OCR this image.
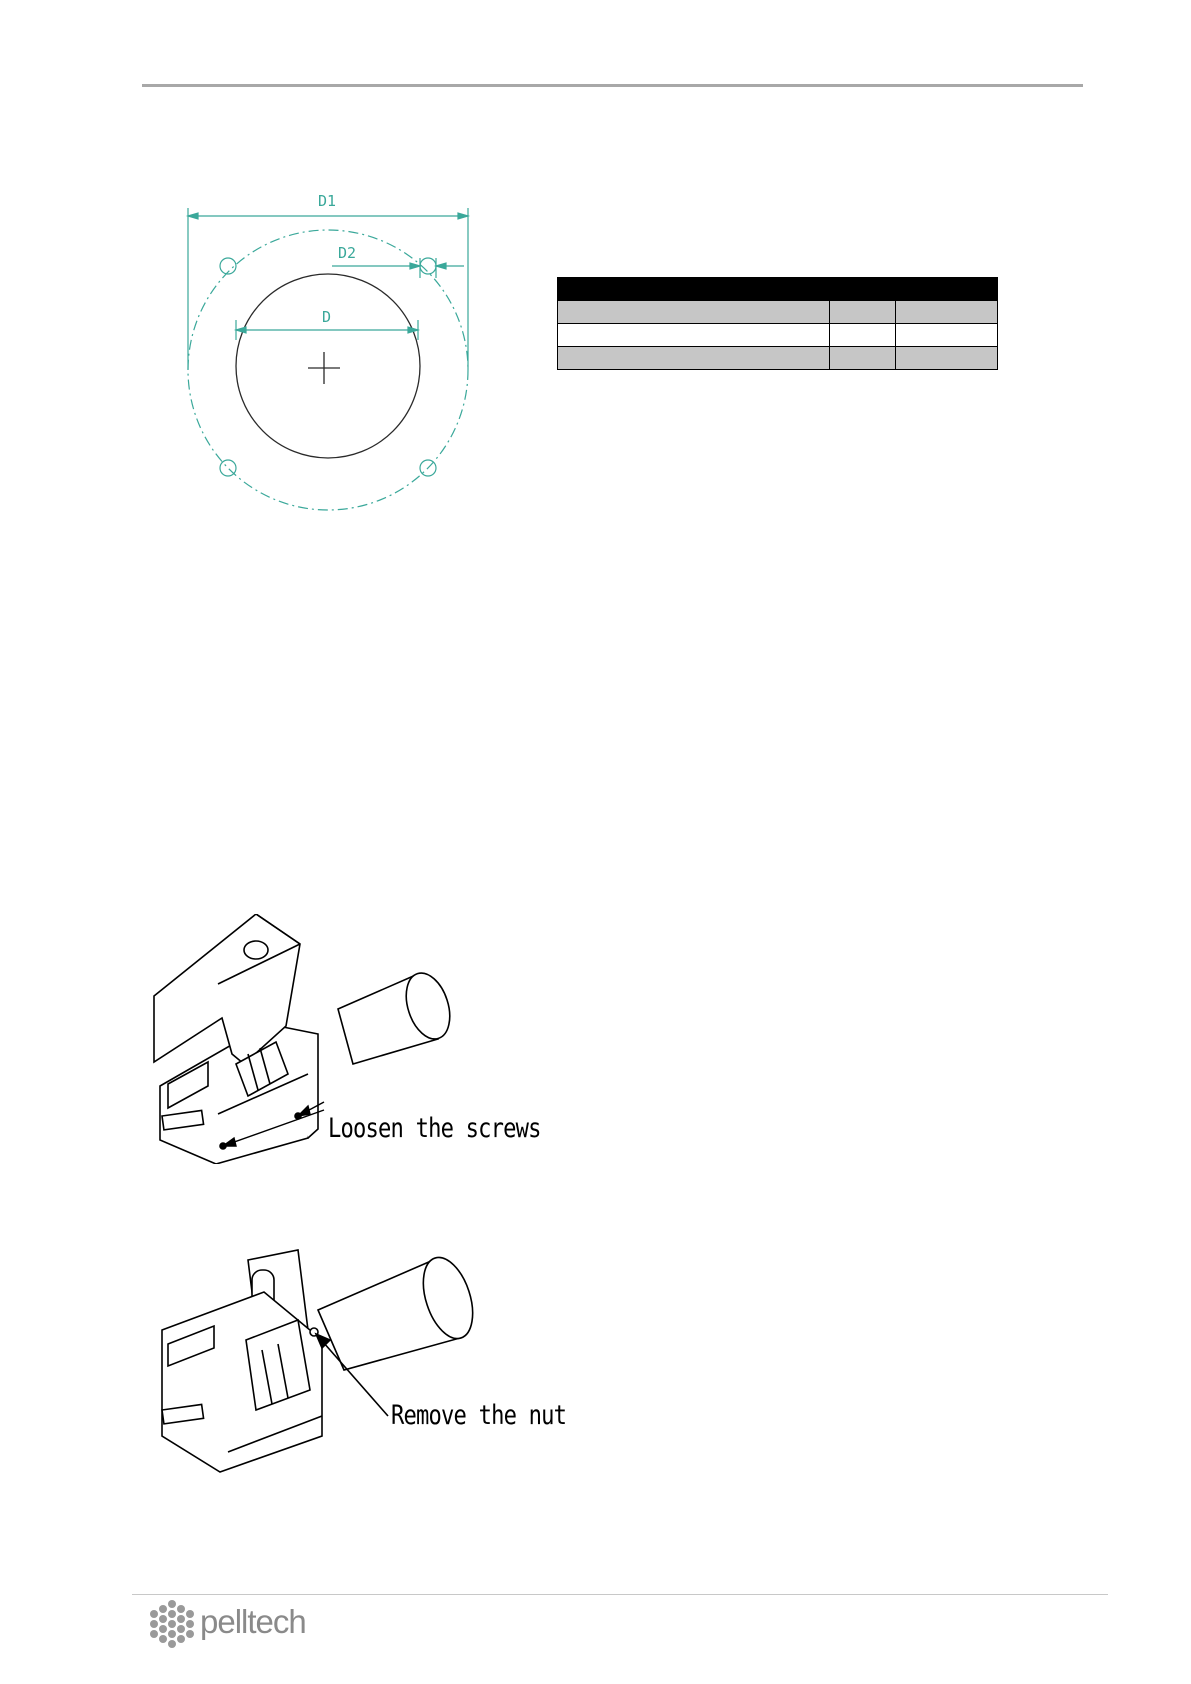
D1
D2
D

Loosen the screws
Remove the nut
pelltech
